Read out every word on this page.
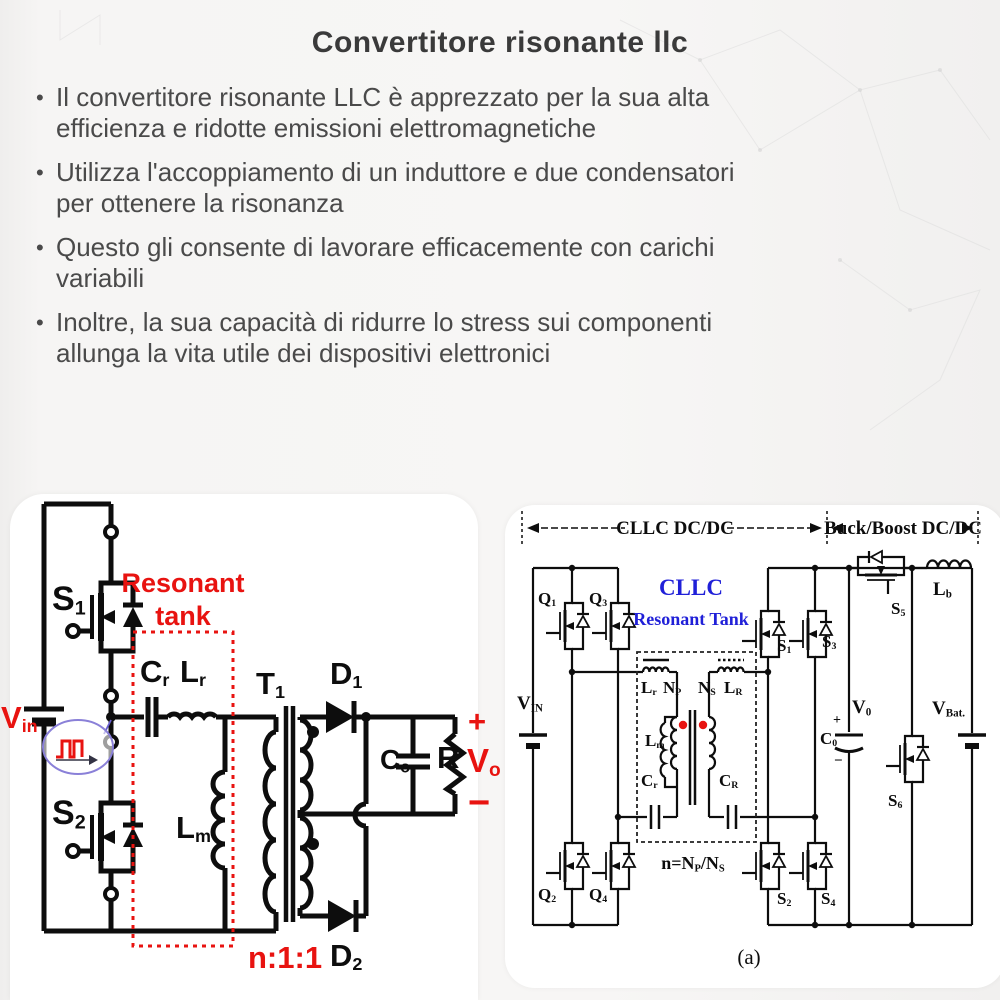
Convertitore risonante llc
• Il convertitore risonante LLC è apprezzato per la sua alta
efficienza e ridotte emissioni elettromagnetiche
• Utilizza l'accoppiamento di un induttore e due condensatori
per ottenere la risonanza
• Questo gli consente di lavorare efficacemente con carichi
variabili
• Inoltre, la sua capacità di ridurre lo stress sui componenti
allunga la vita utile dei dispositivi elettronici
$S_1$
$S_2$
$V_{in}$
Resonant
tank
$C_r$ $L_r$
$L_m$
$T_1$
$D_1$
$D_2$
n:1:1
$C_o$ R
+
$V_o$
−
CLLC DC/DC	Buck/Boost DC/DC
$Q_1$ $Q_3$
$Q_2$ $Q_4$
$V_{IN}$
CLLC
Resonant Tank
$L_r$ $N_P$ $N_S$ $L_R$
$L_m$
$C_r$	$C_R$
$n=N_P/N_S$
$S_1$ $S_3$
$S_2$ $S_4$
$S_5$
$S_6$
$L_b$
$C_0$
+
−
$V_0$	$V_{Bat.}$
(a)
